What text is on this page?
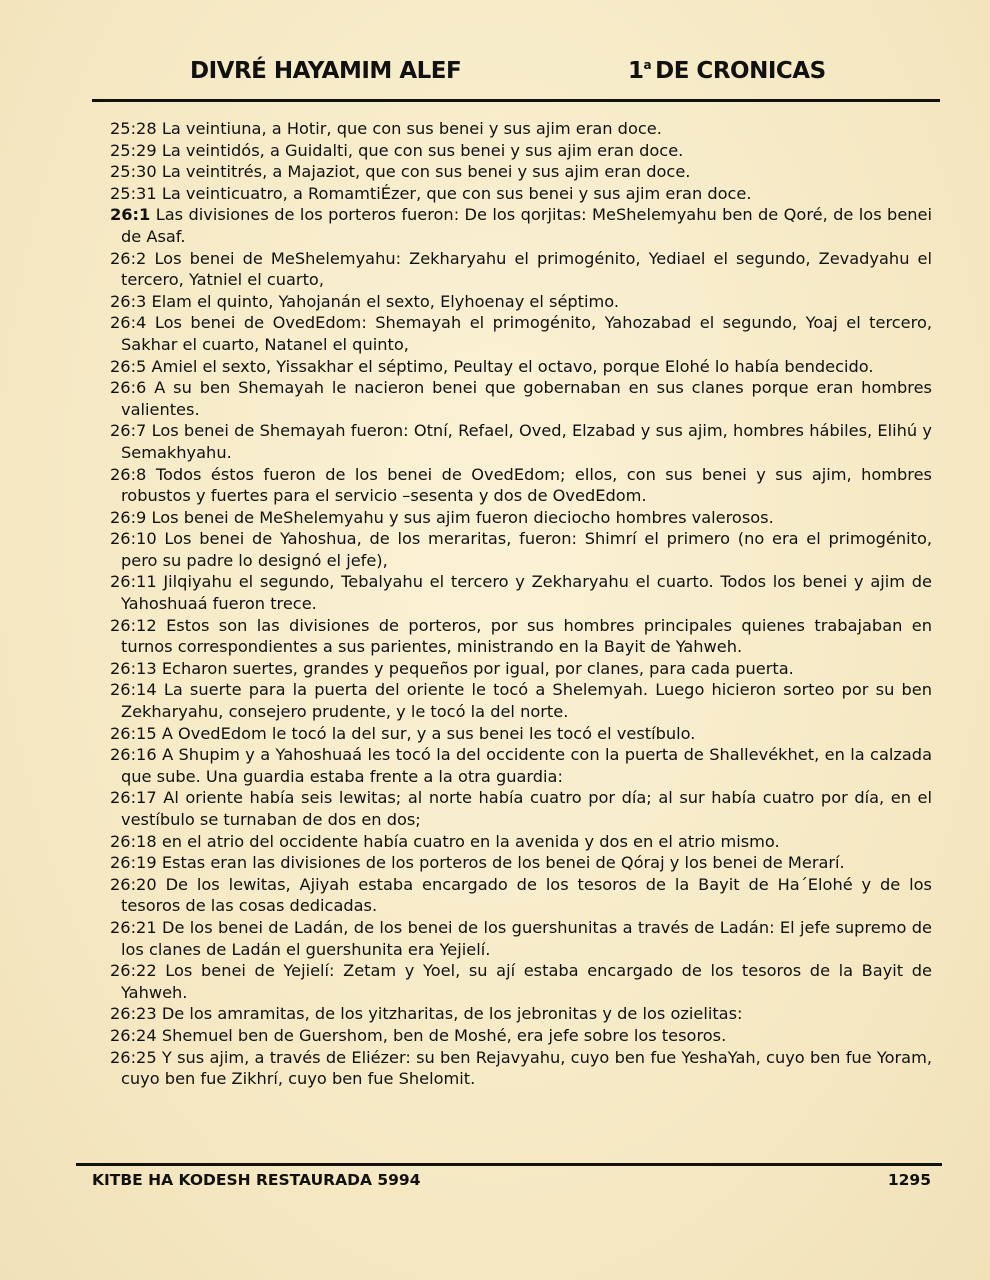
DIVRÉ HAYAMIM ALEF	1$^a$ DE CRONICAS

25:28 La veintiuna, a Hotir, que con sus benei y sus ajim eran doce.

25:29 La veintidós, a Guidalti, que con sus benei y sus ajim eran doce.

25:30 La veintitrés, a Majaziot, que con sus benei y sus ajim eran doce.

25:31 La veinticuatro, a RomamtiÉzer, que con sus benei y sus ajim eran doce.

26:1 Las divisiones de los porteros fueron: De los qorjitas: MeShelemyahu ben de Qoré, de los benei de Asaf.

26:2 Los benei de MeShelemyahu: Zekharyahu el primogénito, Yediael el segundo, Zevadyahu el tercero, Yatniel el cuarto,

26:3 Elam el quinto, Yahojanán el sexto, Elyhoenay el séptimo.

26:4 Los benei de OvedEdom: Shemayah el primogénito, Yahozabad el segundo, Yoaj el tercero, Sakhar el cuarto, Natanel el quinto,

26:5 Amiel el sexto, Yissakhar el séptimo, Peultay el octavo, porque Elohé lo había bendecido.

26:6 A su ben Shemayah le nacieron benei que gobernaban en sus clanes porque eran hombres valientes.

26:7 Los benei de Shemayah fueron: Otní, Refael, Oved, Elzabad y sus ajim, hombres hábiles, Elihú y Semakhyahu.

26:8 Todos éstos fueron de los benei de OvedEdom; ellos, con sus benei y sus ajim, hombres robustos y fuertes para el servicio –sesenta y dos de OvedEdom.

26:9 Los benei de MeShelemyahu y sus ajim fueron dieciocho hombres valerosos.

26:10 Los benei de Yahoshua, de los meraritas, fueron: Shimrí el primero (no era el primogénito, pero su padre lo designó el jefe),

26:11 Jilqiyahu el segundo, Tebalyahu el tercero y Zekharyahu el cuarto. Todos los benei y ajim de Yahoshuaá fueron trece.

26:12 Estos son las divisiones de porteros, por sus hombres principales quienes trabajaban en turnos correspondientes a sus parientes, ministrando en la Bayit de Yahweh.

26:13 Echaron suertes, grandes y pequeños por igual, por clanes, para cada puerta.

26:14 La suerte para la puerta del oriente le tocó a Shelemyah. Luego hicieron sorteo por su ben Zekharyahu, consejero prudente, y le tocó la del norte.

26:15 A OvedEdom le tocó la del sur, y a sus benei les tocó el vestíbulo.

26:16 A Shupim y a Yahoshuaá les tocó la del occidente con la puerta de Shallevékhet, en la calzada que sube. Una guardia estaba frente a la otra guardia:

26:17 Al oriente había seis lewitas; al norte había cuatro por día; al sur había cuatro por día, en el vestíbulo se turnaban de dos en dos;

26:18 en el atrio del occidente había cuatro en la avenida y dos en el atrio mismo.

26:19 Estas eran las divisiones de los porteros de los benei de Qóraj y los benei de Merarí.

26:20 De los lewitas, Ajiyah estaba encargado de los tesoros de la Bayit de Ha´Elohé y de los tesoros de las cosas dedicadas.

26:21 De los benei de Ladán, de los benei de los guershunitas a través de Ladán: El jefe supremo de los clanes de Ladán el guershunita era Yejielí.

26:22 Los benei de Yejielí: Zetam y Yoel, su ají estaba encargado de los tesoros de la Bayit de Yahweh.

26:23 De los amramitas, de los yitzharitas, de los jebronitas y de los ozielitas:

26:24 Shemuel ben de Guershom, ben de Moshé, era jefe sobre los tesoros.

26:25 Y sus ajim, a través de Eliézer: su ben Rejavyahu, cuyo ben fue YeshaYah, cuyo ben fue Yoram, cuyo ben fue Zikhrí, cuyo ben fue Shelomit.

KITBE HA KODESH RESTAURADA 5994	1295
